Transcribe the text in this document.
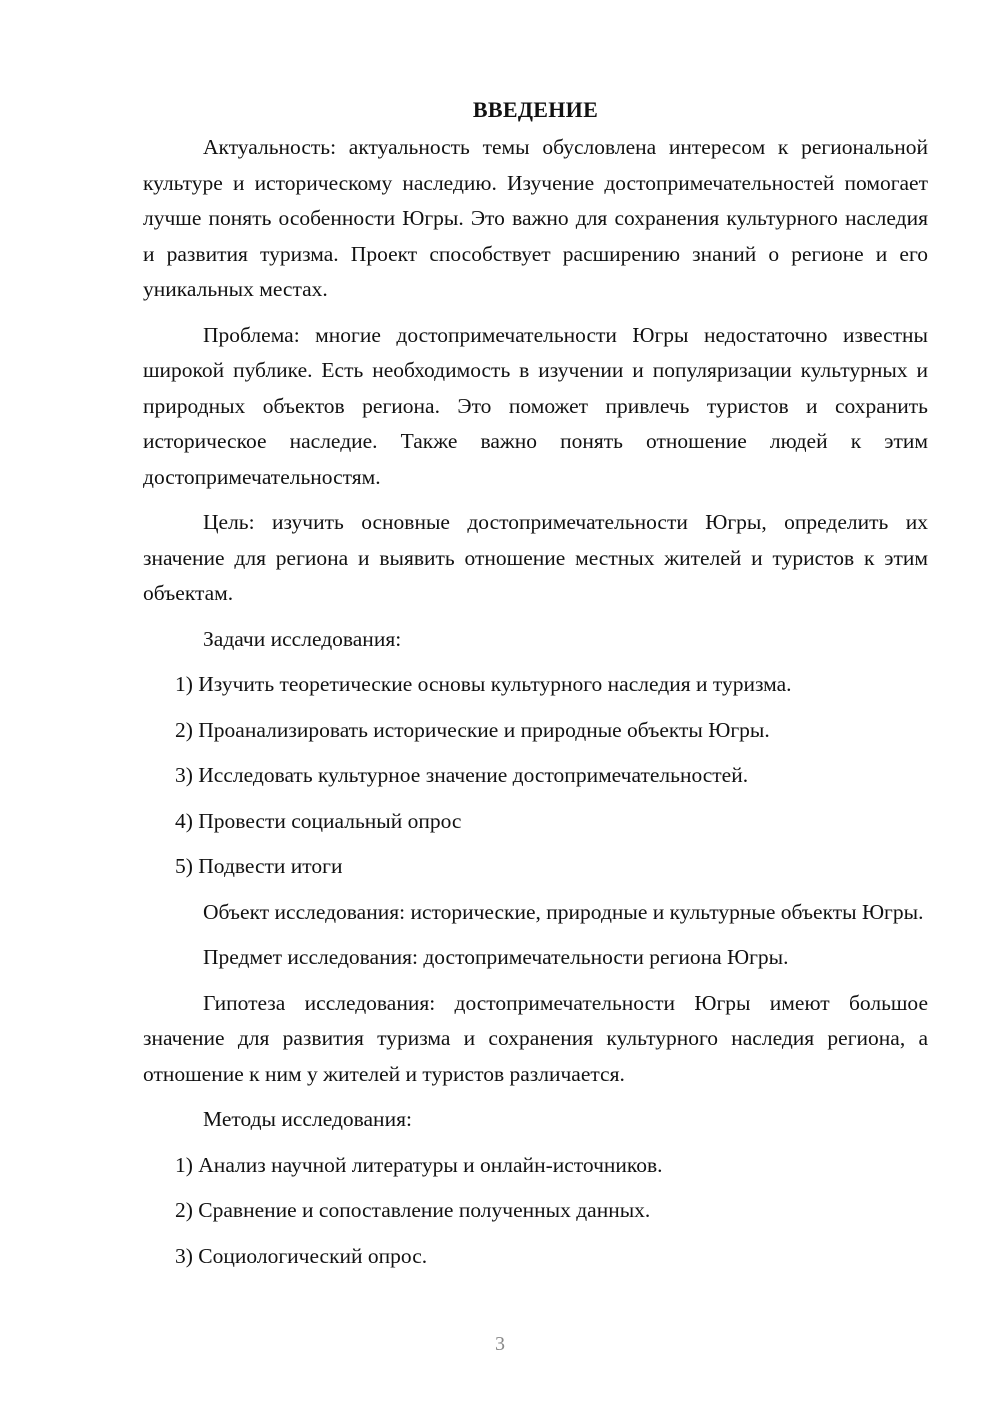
ВВЕДЕНИЕ

Актуальность: актуальность темы обусловлена интересом к региональной культуре и историческому наследию. Изучение достопримечательностей помогает лучше понять особенности Югры. Это важно для сохранения культурного наследия и развития туризма. Проект способствует расширению знаний о регионе и его уникальных местах.

Проблема: многие достопримечательности Югры недостаточно известны широкой публике. Есть необходимость в изучении и популяризации культурных и природных объектов региона. Это поможет привлечь туристов и сохранить историческое наследие. Также важно понять отношение людей к этим достопримечательностям.

Цель: изучить основные достопримечательности Югры, определить их значение для региона и выявить отношение местных жителей и туристов к этим объектам.

Задачи исследования:

1) Изучить теоретические основы культурного наследия и туризма.

2) Проанализировать исторические и природные объекты Югры.

3) Исследовать культурное значение достопримечательностей.

4) Провести социальный опрос

5) Подвести итоги

Объект исследования: исторические, природные и культурные объекты Югры.

Предмет исследования: достопримечательности региона Югры.

Гипотеза исследования: достопримечательности Югры имеют большое значение для развития туризма и сохранения культурного наследия региона, а отношение к ним у жителей и туристов различается.

Методы исследования:

1) Анализ научной литературы и онлайн-источников.

2) Сравнение и сопоставление полученных данных.

3) Социологический опрос.

3
